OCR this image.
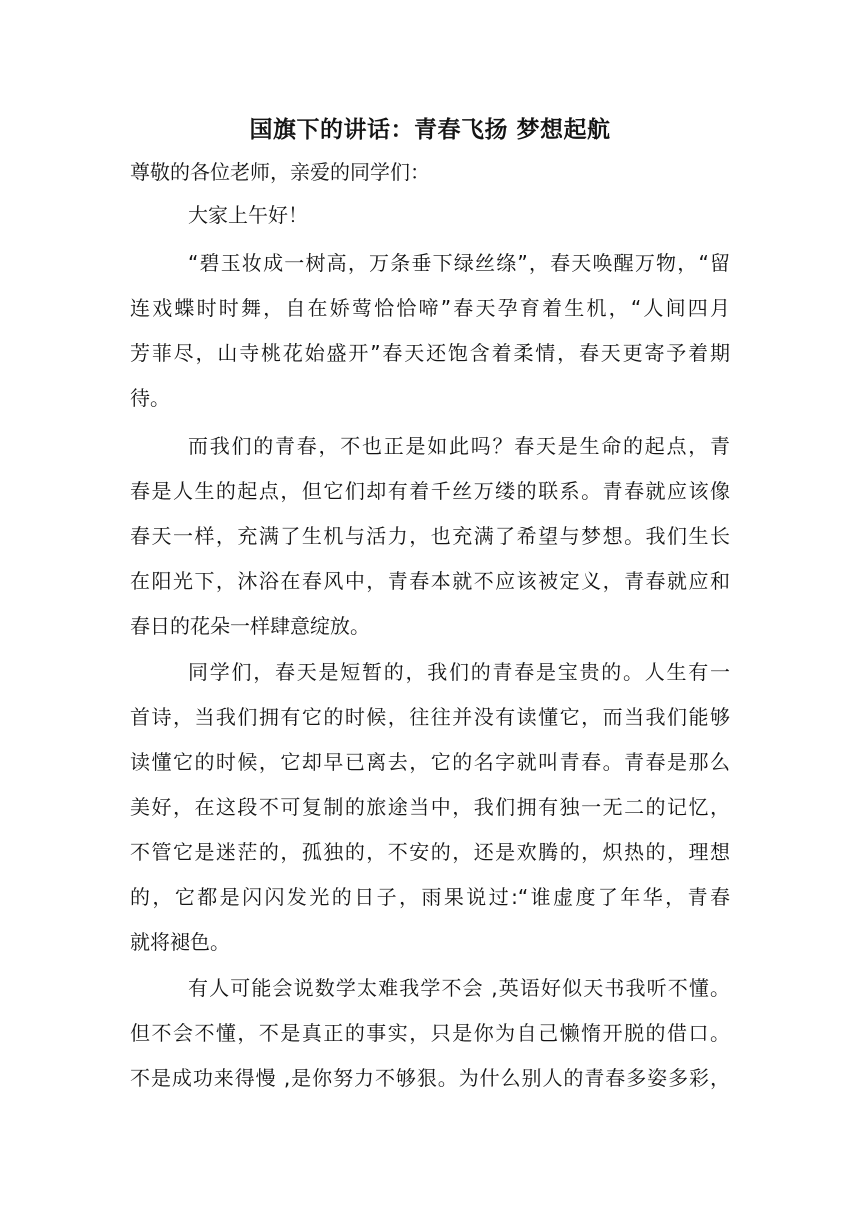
国旗下的讲话：青春飞扬 梦想起航
尊敬的各位老师，亲爱的同学们：
大家上午好！
“碧玉妆成一树高，万条垂下绿丝绦”，春天唤醒万物，“留
连戏蝶时时舞，自在娇莺恰恰啼”春天孕育着生机，“人间四月
芳菲尽，山寺桃花始盛开”春天还饱含着柔情，春天更寄予着期
待。
而我们的青春，不也正是如此吗？春天是生命的起点，青
春是人生的起点，但它们却有着千丝万缕的联系。青春就应该像
春天一样，充满了生机与活力，也充满了希望与梦想。我们生长
在阳光下，沐浴在春风中，青春本就不应该被定义，青春就应和
春日的花朵一样肆意绽放。
同学们，春天是短暂的，我们的青春是宝贵的。人生有一
首诗，当我们拥有它的时候，往往并没有读懂它，而当我们能够
读懂它的时候，它却早已离去，它的名字就叫青春。青春是那么
美好，在这段不可复制的旅途当中，我们拥有独一无二的记忆，
不管它是迷茫的，孤独的，不安的，还是欢腾的，炽热的，理想
的，它都是闪闪发光的日子，雨果说过:“谁虚度了年华，青春
就将褪色。
有人可能会说数学太难我学不会 ,英语好似天书我听不懂。
但不会不懂，不是真正的事实，只是你为自己懒惰开脱的借口。
不是成功来得慢 ,是你努力不够狠。为什么别人的青春多姿多彩，
